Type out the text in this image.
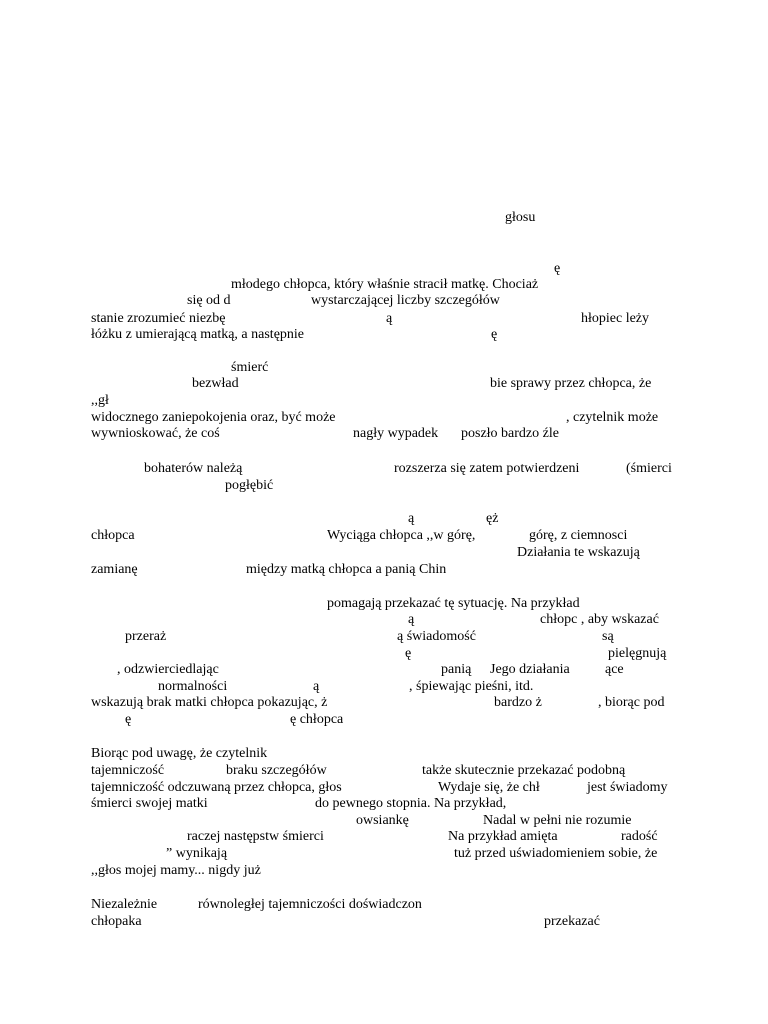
głosu
ę
młodego chłopca, który właśnie stracił matkę. Chociaż
się od d	wystarczającej liczby szczegółów
stanie zrozumieć niezbę	ą	hłopiec leży
łóżku z umierającą matką, a następnie	ę
śmierć
bezwład	bie sprawy przez chłopca, że
,,gł
widocznego zaniepokojenia oraz, być może	, czytelnik może
wywnioskować, że coś	nagły wypadek poszło bardzo źle
bohaterów należą	rozszerza się zatem potwierdzeni	(śmierci
pogłębić
ą	ęż
chłopca	Wyciąga chłopca ,,w górę,	górę, z ciemnosci
Działania te wskazują
zamianę	między matką chłopca a panią Chin
pomagają przekazać tę sytuację. Na przykład
ą	chłopc , aby wskazać
przeraż	ą świadomość	są
ę	pielęgnują
, odzwierciedlając	panią Jego działania	ące
normalności	ą	, śpiewając pieśni, itd.
wskazują brak matki chłopca pokazując, ż	bardzo ż	, biorąc pod
ę	ę chłopca
Biorąc pod uwagę, że czytelnik
tajemniczość	braku szczegółów	także skutecznie przekazać podobną
tajemniczość odczuwaną przez chłopca, głos	Wydaje się, że chł	jest świadomy
śmierci swojej matki	do pewnego stopnia. Na przykład,
owsiankę	Nadal w pełni nie rozumie
raczej następstw śmierci	Na przykład amięta	radość
” wynikają	tuż przed uświadomieniem sobie, że
,,głos mojej mamy... nigdy już
Niezależnie	równoległej tajemniczości doświadczon
chłopaka	przekazać
